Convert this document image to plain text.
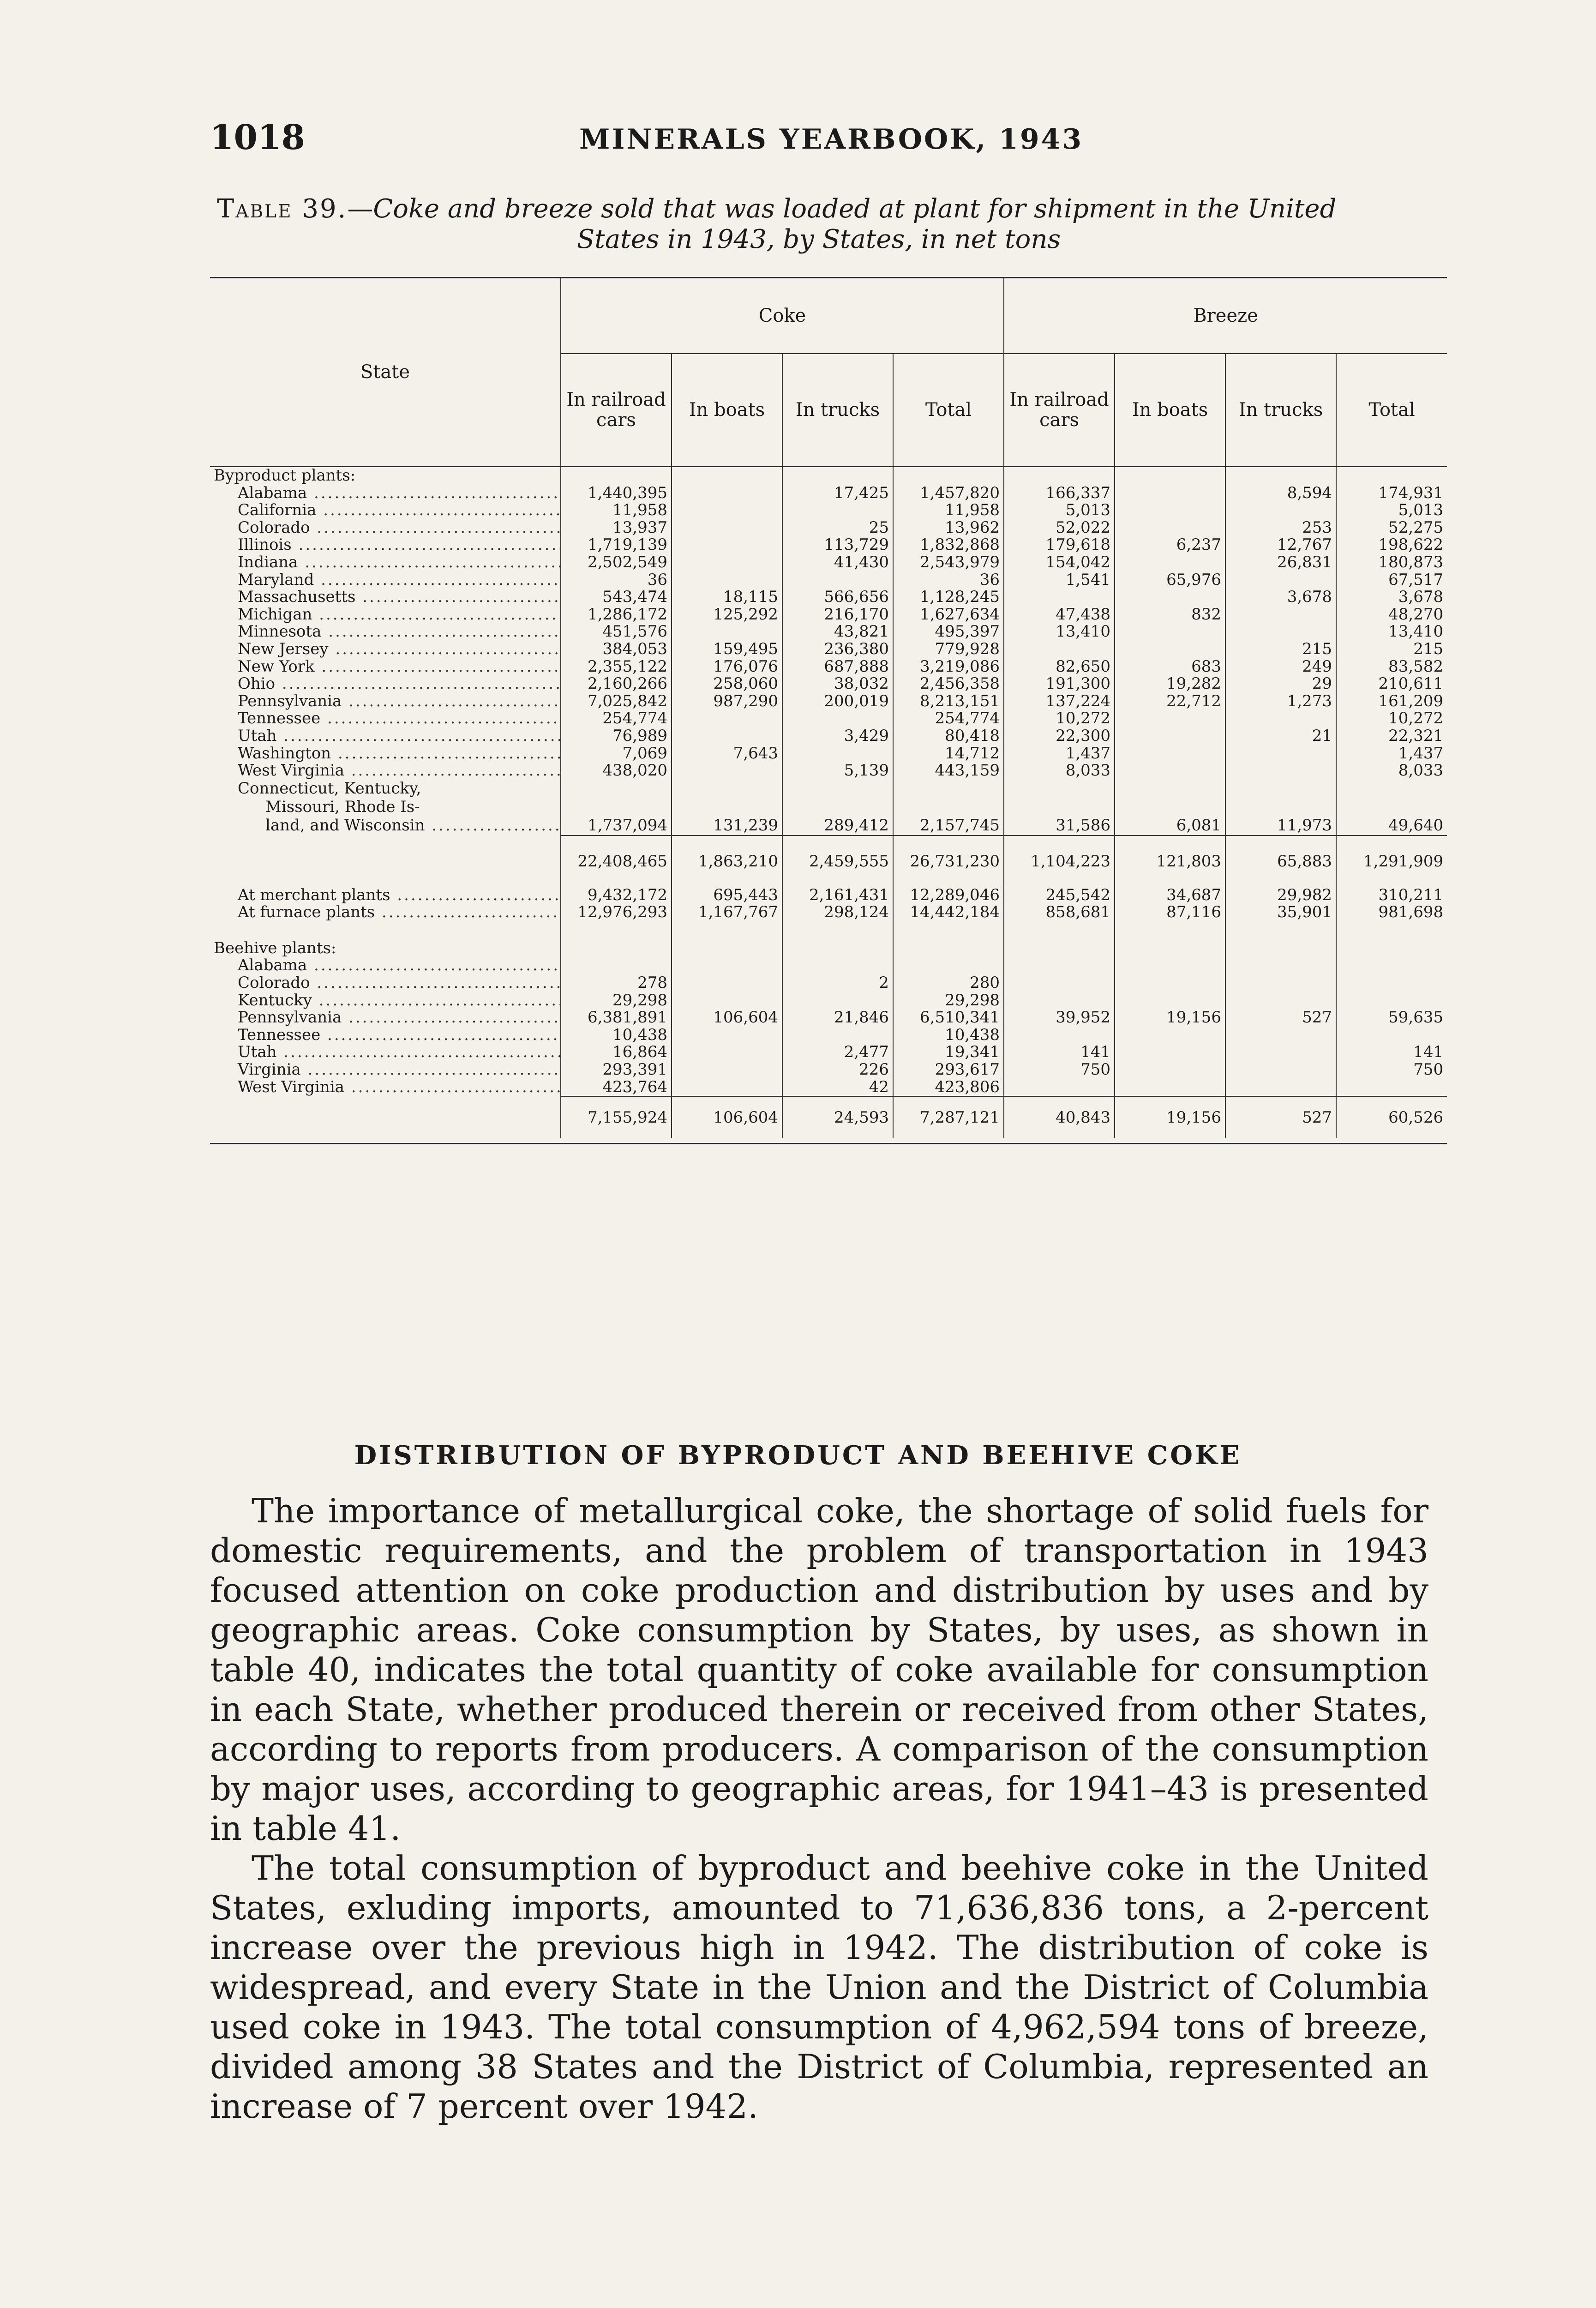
1018	MINERALS YEARBOOK, 1943
Table 39.—Coke and breeze sold that was loaded at plant for shipment in the United
States in 1943, by States, in net tons
State	Coke				Breeze			
	In railroad cars	In boats	In trucks	Total	In railroad cars	In boats	In trucks	Total
Byproduct plants:								
Alabama .....	1,440,395		17,425	1,457,820	166,337		8,594	174,931
California .....	11,958			11,958	5,013			5,013
Colorado .....	13,937		25	13,962	52,022		253	52,275
Illinois .....	1,719,139		113,729	1,832,868	179,618	6,237	12,767	198,622
Indiana .....	2,502,549		41,430	2,543,979	154,042		26,831	180,873
Maryland .....	36			36	1,541	65,976		67,517
Massachusetts .....	543,474	18,115	566,656	1,128,245			3,678	3,678
Michigan .....	1,286,172	125,292	216,170	1,627,634	47,438	832		48,270
Minnesota .....	451,576		43,821	495,397	13,410			13,410
New Jersey .....	384,053	159,495	236,380	779,928			215	215
New York .....	2,355,122	176,076	687,888	3,219,086	82,650	683	249	83,582
Ohio .....	2,160,266	258,060	38,032	2,456,358	191,300	19,282	29	210,611
Pennsylvania .....	7,025,842	987,290	200,019	8,213,151	137,224	22,712	1,273	161,209
Tennessee .....	254,774			254,774	10,272			10,272
Utah .....	76,989		3,429	80,418	22,300		21	22,321
Washington .....	7,069	7,643		14,712	1,437			1,437
West Virginia .....	438,020		5,139	443,159	8,033			8,033
Connecticut, Kentucky,								
Missouri, Rhode Is-								
land, and Wisconsin .....	1,737,094	131,239	289,412	2,157,745	31,586	6,081	11,973	49,640
	22,408,465	1,863,210	2,459,555	26,731,230	1,104,223	121,803	65,883	1,291,909
At merchant plants .....	9,432,172	695,443	2,161,431	12,289,046	245,542	34,687	29,982	310,211
At furnace plants .....	12,976,293	1,167,767	298,124	14,442,184	858,681	87,116	35,901	981,698

Beehive plants:								
Alabama .....								
Colorado .....	278		2	280				
Kentucky .....	29,298			29,298				
Pennsylvania .....	6,381,891	106,604	21,846	6,510,341	39,952	19,156	527	59,635
Tennessee .....	10,438			10,438				
Utah .....	16,864		2,477	19,341	141			141
Virginia .....	293,391		226	293,617	750			750
West Virginia .....	423,764		42	423,806				
	7,155,924	106,604	24,593	7,287,121	40,843	19,156	527	60,526
DISTRIBUTION OF BYPRODUCT AND BEEHIVE COKE

The importance of metallurgical coke, the shortage of solid fuels for domestic requirements, and the problem of transportation in 1943 focused attention on coke production and distribution by uses and by geographic areas. Coke consumption by States, by uses, as shown in table 40, indicates the total quantity of coke available for consumption in each State, whether produced therein or received from other States, according to reports from producers. A comparison of the consumption by major uses, according to geographic areas, for 1941–43 is presented in table 41.

The total consumption of byproduct and beehive coke in the United States, exluding imports, amounted to 71,636,836 tons, a 2-percent increase over the previous high in 1942. The distribution of coke is widespread, and every State in the Union and the District of Columbia used coke in 1943. The total consumption of 4,962,594 tons of breeze, divided among 38 States and the District of Columbia, represented an increase of 7 percent over 1942.
